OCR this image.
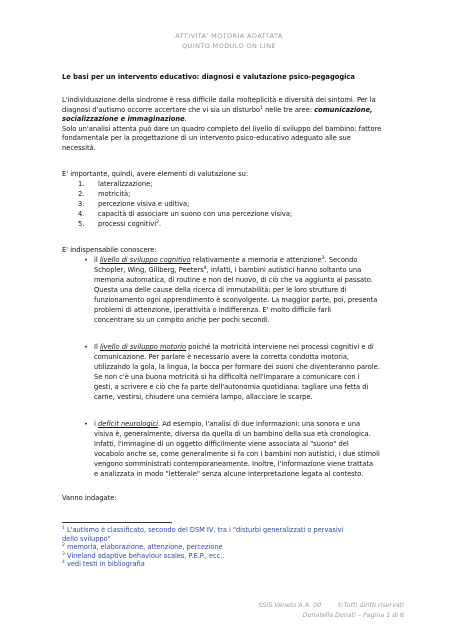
ATTIVITA' MOTORIA ADATTATA
QUINTO MODULO ON LINE

Le basi per un intervento educativo: diagnosi e valutazione psico-pegagogica

L'individuazione della sindrome è resa difficile dalla molteplicità e diversità dei sintomi. Per la

diagnosi d'autismo occorre accertare che vi sia un disturbo$^1$ nelle tre aree: comunicazione,

socializzazione e immaginazione.

Solo un'analisi attenta può dare un quadro completo del livello di sviluppo del bambino: fattore

fondamentale per la progettazione di un intervento psico-educativo adeguato alle sue

necessità.

E' importante, quindi, avere elementi di valutazione su:

1. lateralizzazione;

2. motricità;

3. percezione visiva e uditiva;

4. capacità di associare un suono con una percezione visiva;

5. processi cognitivi$^2$.

E' indispensabile conoscere:

• il livello di sviluppo cognitivo relativamente a memoria e attenzione$^3$. Secondo

Schopler, Wing, Gillberg, Peeters$^4$, infatti, i bambini autistici hanno soltanto una

memoria automatica, di routine e non del nuovo, di ciò che va aggiunto al passato.

Questa una delle cause della ricerca di immutabilità: per le loro strutture di

funzionamento ogni apprendimento è sconvolgente. La maggior parte, poi, presenta

problemi di attenzione, iperattività o indifferenza. E' molto difficile farli

concentrare su un compito anche per pochi secondi.

• Il livello di sviluppo motorio poiché la motricità interviene nei processi cognitivi e di

comunicazione. Per parlare è necessario avere la corretta condotta motoria,

utilizzando la gola, la lingua, la bocca per formare dei suoni che diventeranno parole.

Se non c'è una buona motricità si ha difficoltà nell'imparare a comunicare con i

gesti, a scrivere e ciò che fa parte dell'autonomia quotidiana: tagliare una fetta di

carne, vestirsi, chiudere una cerniera lampo, allacciare le scarpe.

• i deficit neurologici. Ad esempio, l'analisi di due informazioni: una sonora e una

visiva è, generalmente, diversa da quella di un bambino della sua età cronologica.

Infatti, l'immagine di un oggetto difficilmente viene associata al "suono" del

vocabolo anche se, come generalmente si fa con i bambini non autistici, i due stimoli

vengono somministrati contemporaneamente. Inoltre, l'informazione viene trattata

e analizzata in modo "letterale" senza alcune interpretazione legata al contesto.

Vanno indagate:

$^1$ L'autismo è classificato, secondo del DSM IV, tra i "disturbi generalizzati o pervasivi

dello sviluppo"

$^2$ memoria, elaborazione, attenzione, percezione

$^3$ Vineland adaptive behaviour scales, P.E.P., ecc..

$^4$ vedi testi in bibliografia

SSIS Veneto A.A. 00        ©Tutti diritti riservati
Donatella Donati – Pagina 1 di 6
